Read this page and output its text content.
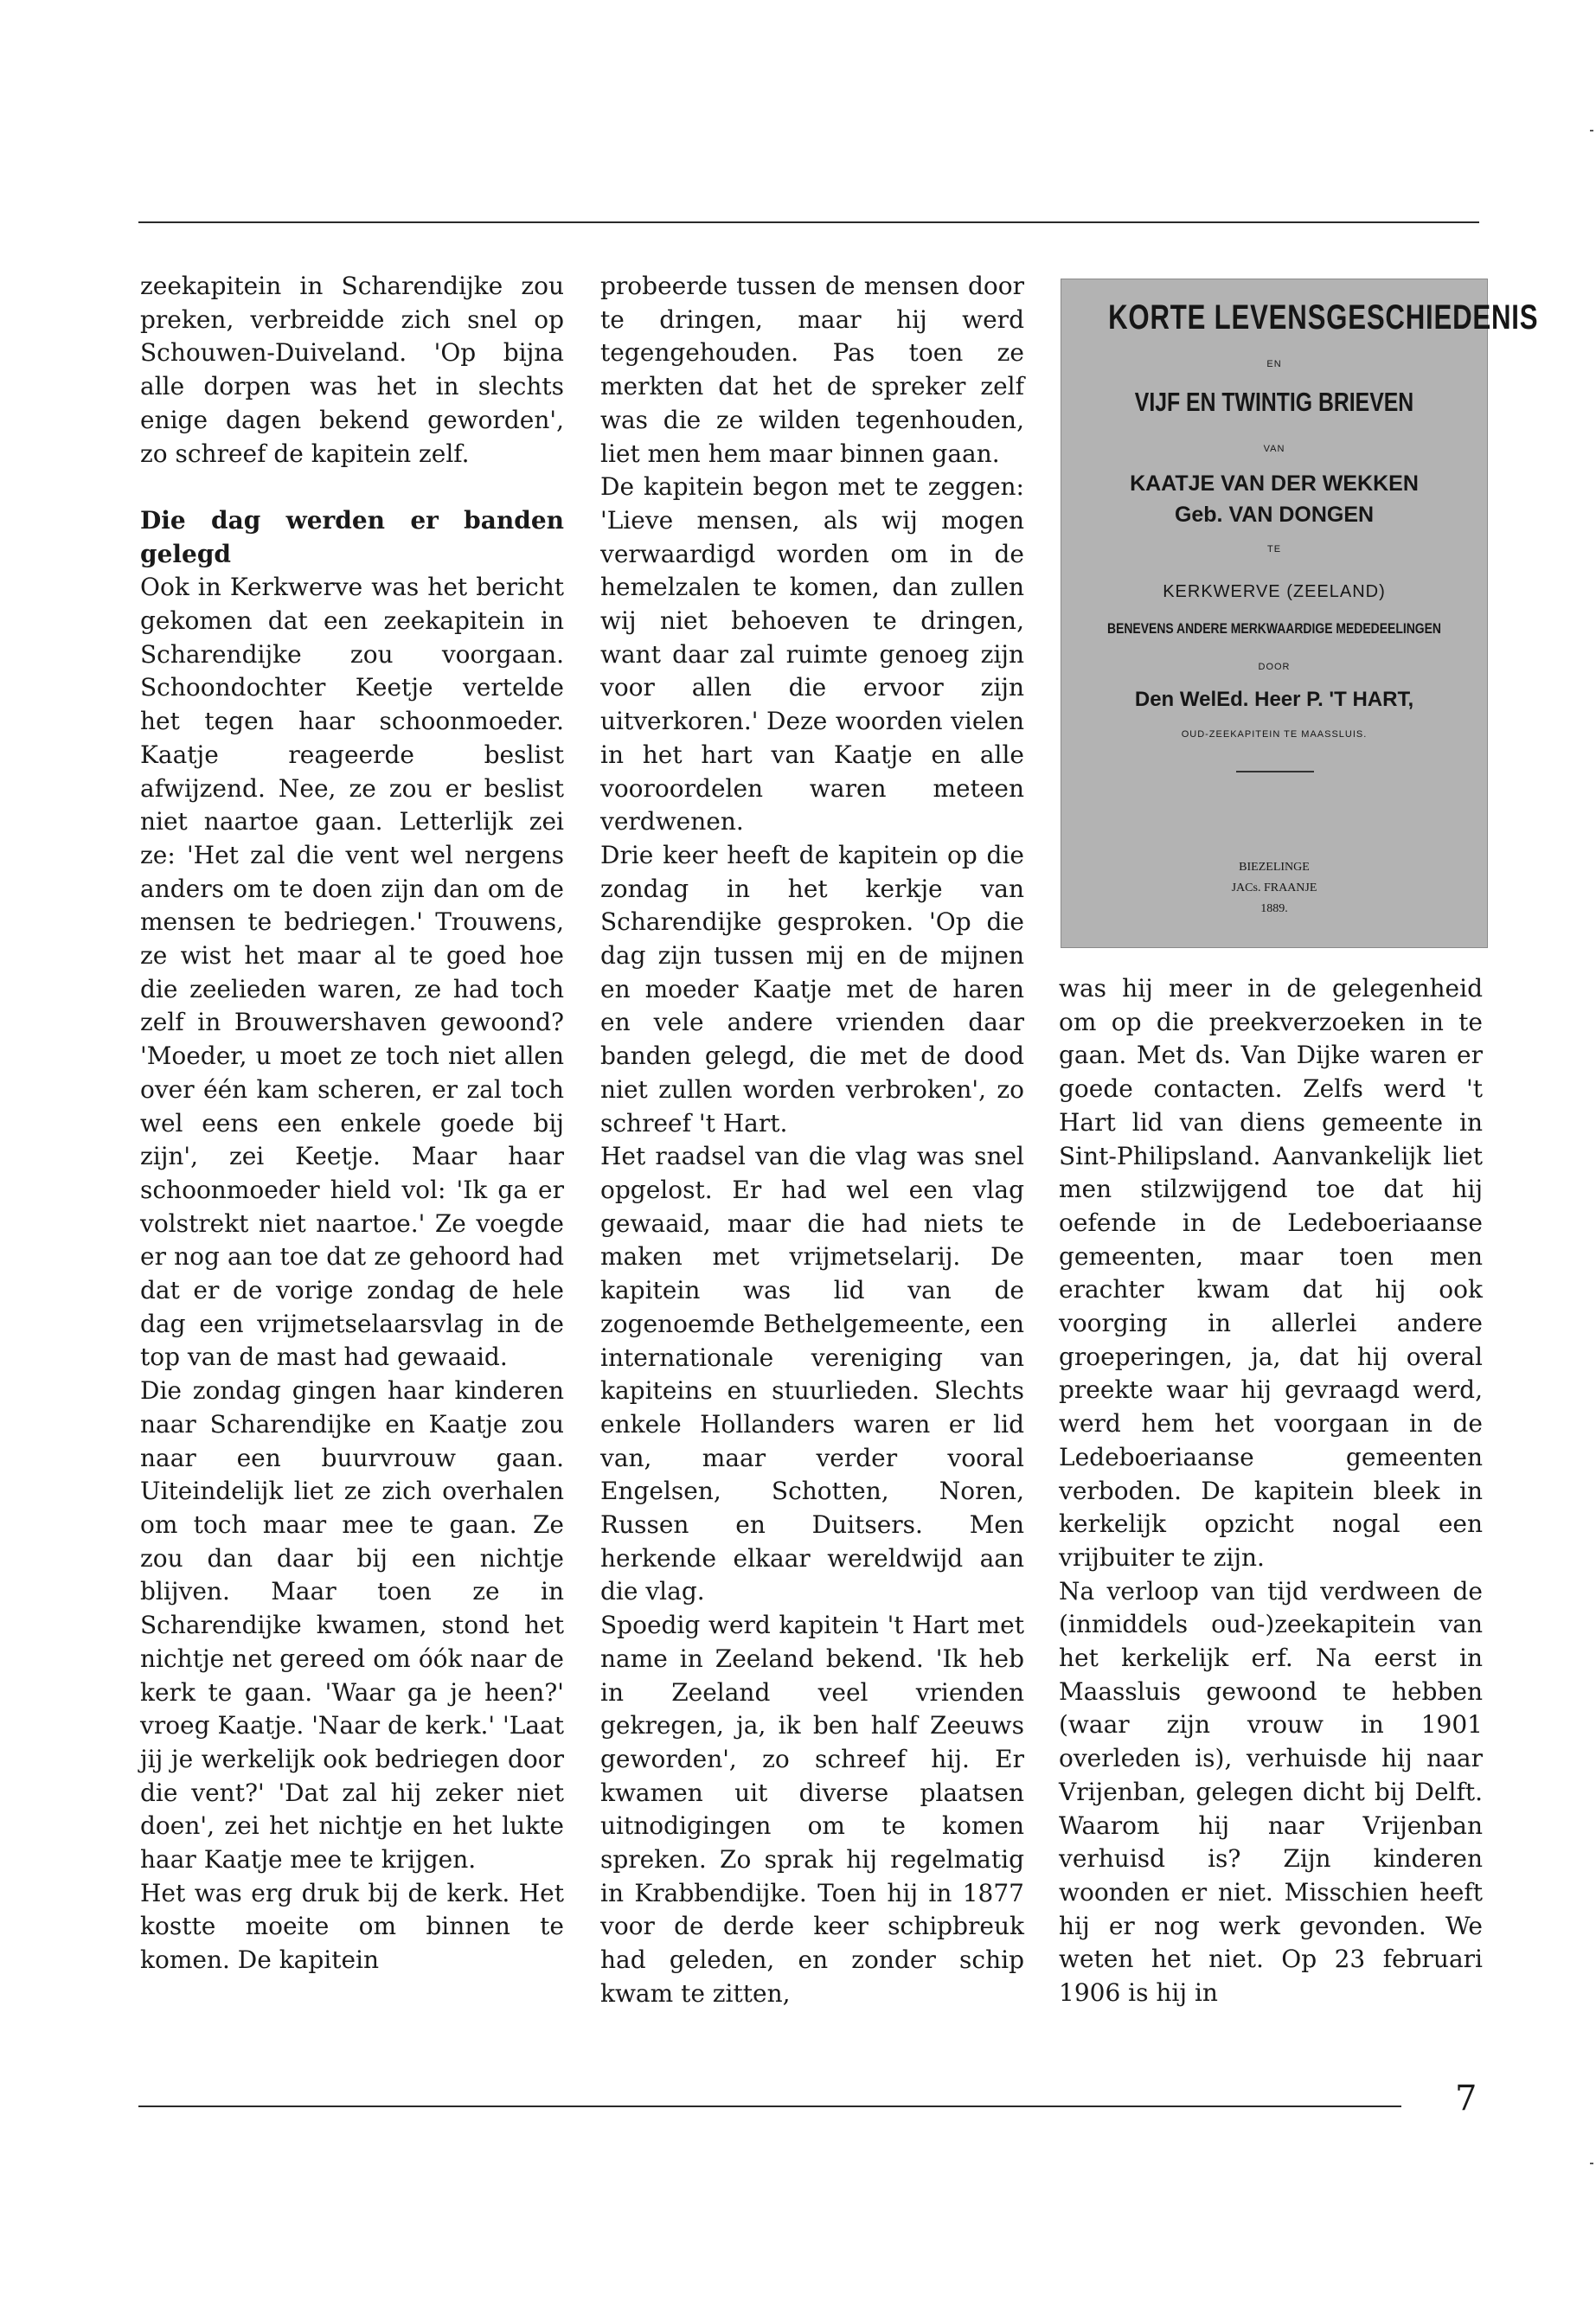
zeekapitein in Scharendijke zou preken, verbreidde zich snel op Schouwen-Duiveland. 'Op bijna alle dorpen was het in slechts enige dagen bekend geworden', zo schreef de kapitein zelf.

Die dag werden er banden gelegd

Ook in Kerkwerve was het bericht gekomen dat een zeekapitein in Scharendijke zou voorgaan. Schoondochter Keetje vertelde het tegen haar schoonmoeder. Kaatje reageerde beslist afwijzend. Nee, ze zou er beslist niet naartoe gaan. Letterlijk zei ze: 'Het zal die vent wel nergens anders om te doen zijn dan om de mensen te bedriegen.' Trouwens, ze wist het maar al te goed hoe die zeelieden waren, ze had toch zelf in Brouwershaven gewoond? 'Moeder, u moet ze toch niet allen over één kam scheren, er zal toch wel eens een enkele goede bij zijn', zei Keetje. Maar haar schoonmoeder hield vol: 'Ik ga er volstrekt niet naartoe.' Ze voegde er nog aan toe dat ze gehoord had dat er de vorige zondag de hele dag een vrijmetselaarsvlag in de top van de mast had gewaaid.

Die zondag gingen haar kinderen naar Scharendijke en Kaatje zou naar een buurvrouw gaan. Uiteindelijk liet ze zich overhalen om toch maar mee te gaan. Ze zou dan daar bij een nichtje blijven. Maar toen ze in Scharendijke kwamen, stond het nichtje net gereed om óók naar de kerk te gaan. 'Waar ga je heen?' vroeg Kaatje. 'Naar de kerk.' 'Laat jij je werkelijk ook bedriegen door die vent?' 'Dat zal hij zeker niet doen', zei het nichtje en het lukte haar Kaatje mee te krijgen.

Het was erg druk bij de kerk. Het kostte moeite om binnen te komen. De kapitein

probeerde tussen de mensen door te dringen, maar hij werd tegengehouden. Pas toen ze merkten dat het de spreker zelf was die ze wilden tegenhouden, liet men hem maar binnen gaan.

De kapitein begon met te zeggen: 'Lieve mensen, als wij mogen verwaardigd worden om in de hemelzalen te komen, dan zullen wij niet behoeven te dringen, want daar zal ruimte genoeg zijn voor allen die ervoor zijn uitverkoren.' Deze woorden vielen in het hart van Kaatje en alle vooroordelen waren meteen verdwenen.

Drie keer heeft de kapitein op die zondag in het kerkje van Scharendijke gesproken. 'Op die dag zijn tussen mij en de mijnen en moeder Kaatje met de haren en vele andere vrienden daar banden gelegd, die met de dood niet zullen worden verbroken', zo schreef 't Hart.

Het raadsel van die vlag was snel opgelost. Er had wel een vlag gewaaid, maar die had niets te maken met vrijmetselarij. De kapitein was lid van de zogenoemde Bethelgemeente, een internationale vereniging van kapiteins en stuurlieden. Slechts enkele Hollanders waren er lid van, maar verder vooral Engelsen, Schotten, Noren, Russen en Duitsers. Men herkende elkaar wereldwijd aan die vlag.

Spoedig werd kapitein 't Hart met name in Zeeland bekend. 'Ik heb in Zeeland veel vrienden gekregen, ja, ik ben half Zeeuws geworden', zo schreef hij. Er kwamen uit diverse plaatsen uitnodigingen om te komen spreken. Zo sprak hij regelmatig in Krabbendijke. Toen hij in 1877 voor de derde keer schipbreuk had geleden, en zonder schip kwam te zitten,

KORTE LEVENSGESCHIEDENIS
EN
VIJF EN TWINTIG BRIEVEN
VAN
KAATJE VAN DER WEKKEN
Geb. VAN DONGEN
TE
KERKWERVE (ZEELAND)
BENEVENS ANDERE MERKWAARDIGE MEDEDEELINGEN
DOOR
Den WelEd. Heer P. 'T HART,
OUD-ZEEKAPITEIN TE MAASSLUIS.
BIEZELINGE
JACs. FRAANJE
1889.

was hij meer in de gelegenheid om op die preekverzoeken in te gaan. Met ds. Van Dijke waren er goede contacten. Zelfs werd 't Hart lid van diens gemeente in Sint-Philipsland. Aanvankelijk liet men stilzwijgend toe dat hij oefende in de Ledeboeriaanse gemeenten, maar toen men erachter kwam dat hij ook voorging in allerlei andere groeperingen, ja, dat hij overal preekte waar hij gevraagd werd, werd hem het voorgaan in de Ledeboeriaanse gemeenten verboden. De kapitein bleek in kerkelijk opzicht nogal een vrijbuiter te zijn.

Na verloop van tijd verdween de (inmiddels oud-)zeekapitein van het kerkelijk erf. Na eerst in Maassluis gewoond te hebben (waar zijn vrouw in 1901 overleden is), verhuisde hij naar Vrijenban, gelegen dicht bij Delft. Waarom hij naar Vrijenban verhuisd is? Zijn kinderen woonden er niet. Misschien heeft hij er nog werk gevonden. We weten het niet. Op 23 februari 1906 is hij in

7
